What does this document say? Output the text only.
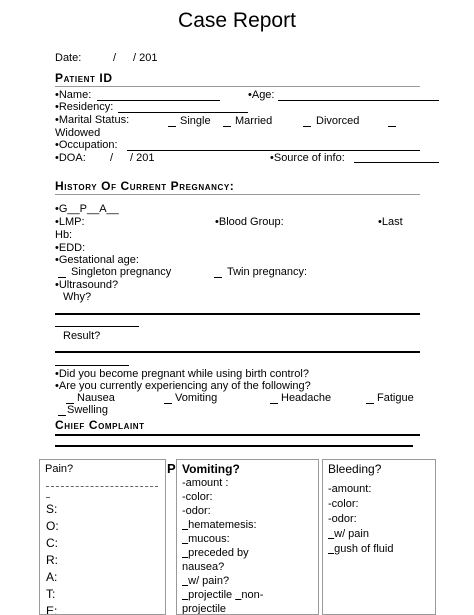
Case Report
Date:	/ / 201
Patient ID
•Name:	•Age:
•Residency:
•Marital Status:	Single Married	Divorced
Widowed
•Occupation:
•DOA: / / 201	•Source of info:
History Of Current Pregnancy:
•G__P__A__
•LMP:	•Blood Group:	•Last
Hb:
•EDD:
•Gestational age:
Singleton pregnancy	Twin pregnancy:
•Ultrasound?
Why?
Result?
•Did you become pregnant while using birth control?
•Are you currently experiencing any of the following?
Nausea	Vomiting	Headache	Fatigue
Swelling
Chief Complaint
Pain?
S:
O:
C:
R:
A:
T:
E:
P Vomiting?
-amount :
-color:
-odor:
hematemesis:
mucous:
preceded by
nausea?
w/ pain?
projectile non-
projectile
Bleeding?
-amount:
-color:
-odor:
w/ pain
gush of fluid
